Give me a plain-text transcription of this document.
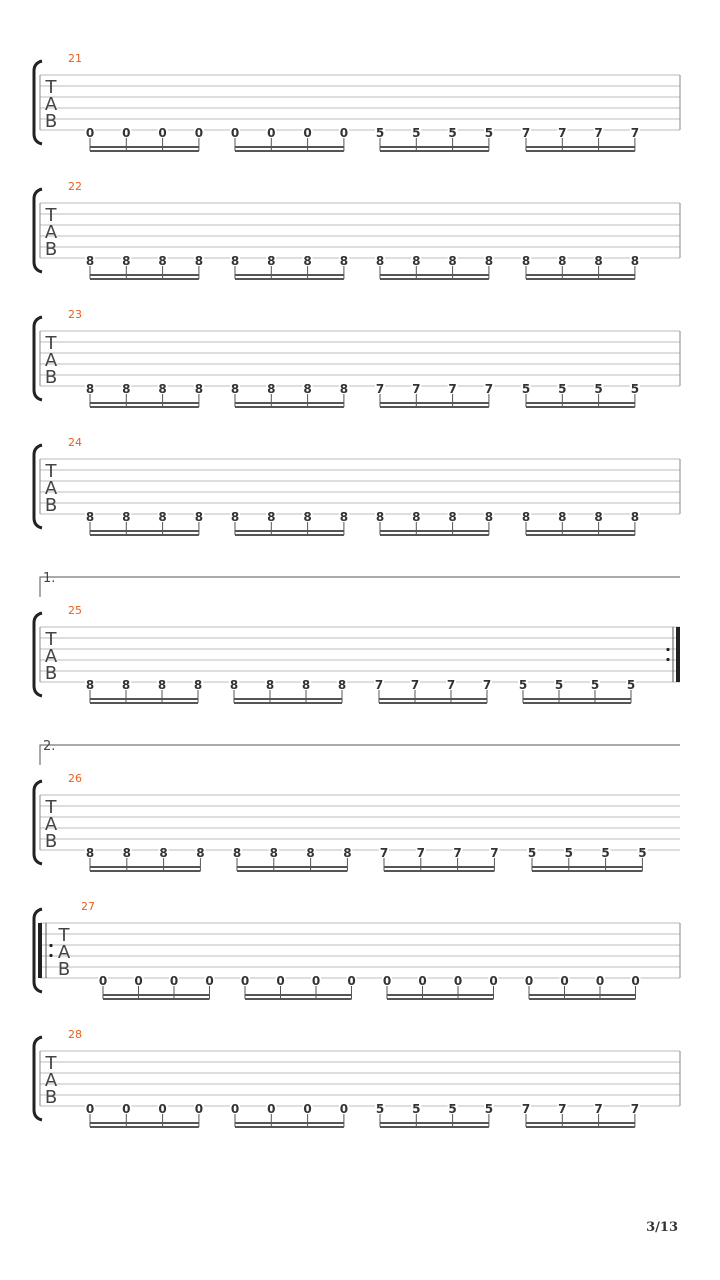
T
A
B
21
0 0 0 0 0 0 0 0 5 5 5 5 7 7 7 7
T
A
B
22
8 8 8 8 8 8 8 8 8 8 8 8 8 8 8 8
T
A
B
23
8 8 8 8 8 8 8 8 7 7 7 7 5 5 5 5
T
A
B
24
8 8 8 8 8 8 8 8 8 8 8 8 8 8 8 8
T
A
B
25
1.
8 8 8 8 8 8 8 8 7 7 7 7 5 5 5 5
T
A
B
26
2.
8 8 8 8 8 8 8 8 7 7 7 7 5 5 5 5
T
A
B
27
0 0 0 0 0 0 0 0 0 0 0 0 0 0 0 0
T
A
B
28
0 0 0 0 0 0 0 0 5 5 5 5 7 7 7 7
3/13
